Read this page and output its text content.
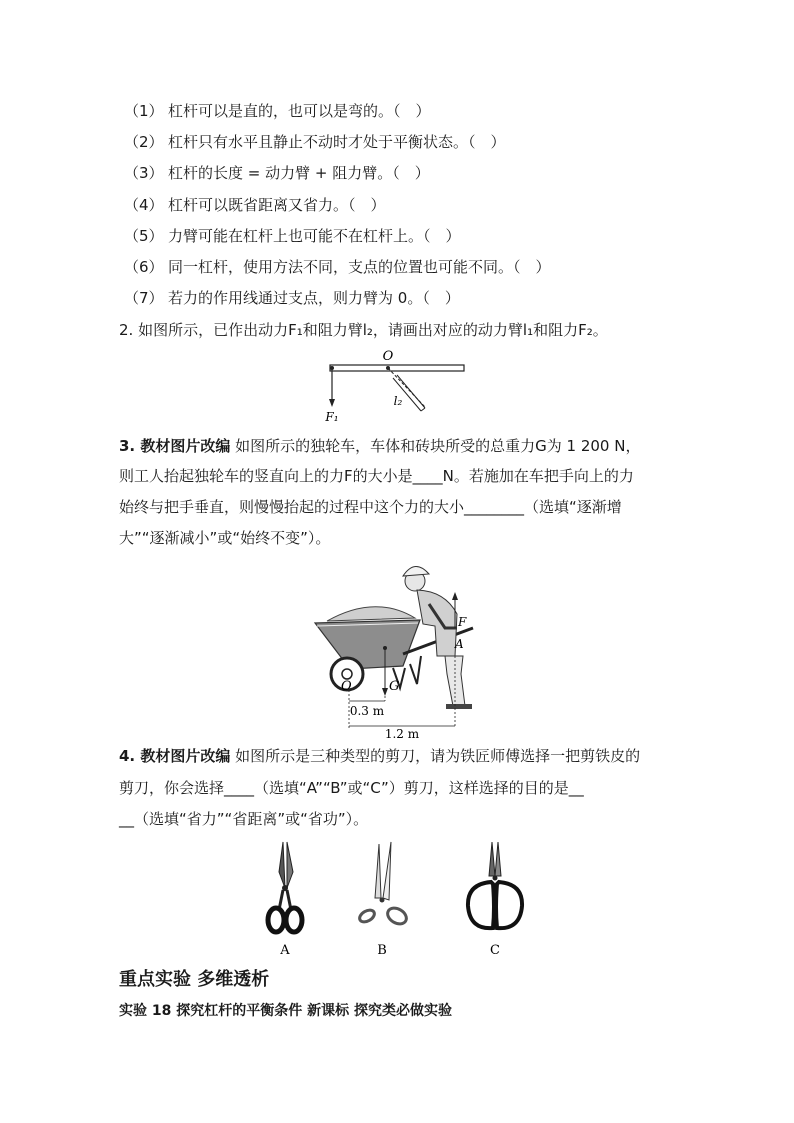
（1） 杠杆可以是直的，也可以是弯的。（　）
（2） 杠杆只有水平且静止不动时才处于平衡状态。（　）
（3） 杠杆的长度 = 动力臂 + 阻力臂。（　）
（4） 杠杆可以既省距离又省力。（　）
（5） 力臂可能在杠杆上也可能不在杠杆上。（　）
（6） 同一杠杆，使用方法不同，支点的位置也可能不同。（　）
（7） 若力的作用线通过支点，则力臂为 0。（　）
2. 如图所示，已作出动力F₁和阻力臂l₂，请画出对应的动力臂l₁和阻力F₂。
O
F₁
l₂
3. 教材图片改编 如图所示的独轮车，车体和砖块所受的总重力G为 1 200 N，
则工人抬起独轮车的竖直向上的力F的大小是____N。若施加在车把手向上的力
始终与把手垂直，则慢慢抬起的过程中这个力的大小________（选填“逐渐增
大”“逐渐减小”或“始终不变”）。
F
A
O	G
0.3 m
1.2 m
4. 教材图片改编 如图所示是三种类型的剪刀，请为铁匠师傅选择一把剪铁皮的
剪刀，你会选择____（选填“A”“B”或“C”）剪刀，这样选择的目的是__
__（选填“省力”“省距离”或“省功”）。
A	B	C
重点实验 多维透析
实验 18 探究杠杆的平衡条件 新课标 探究类必做实验
